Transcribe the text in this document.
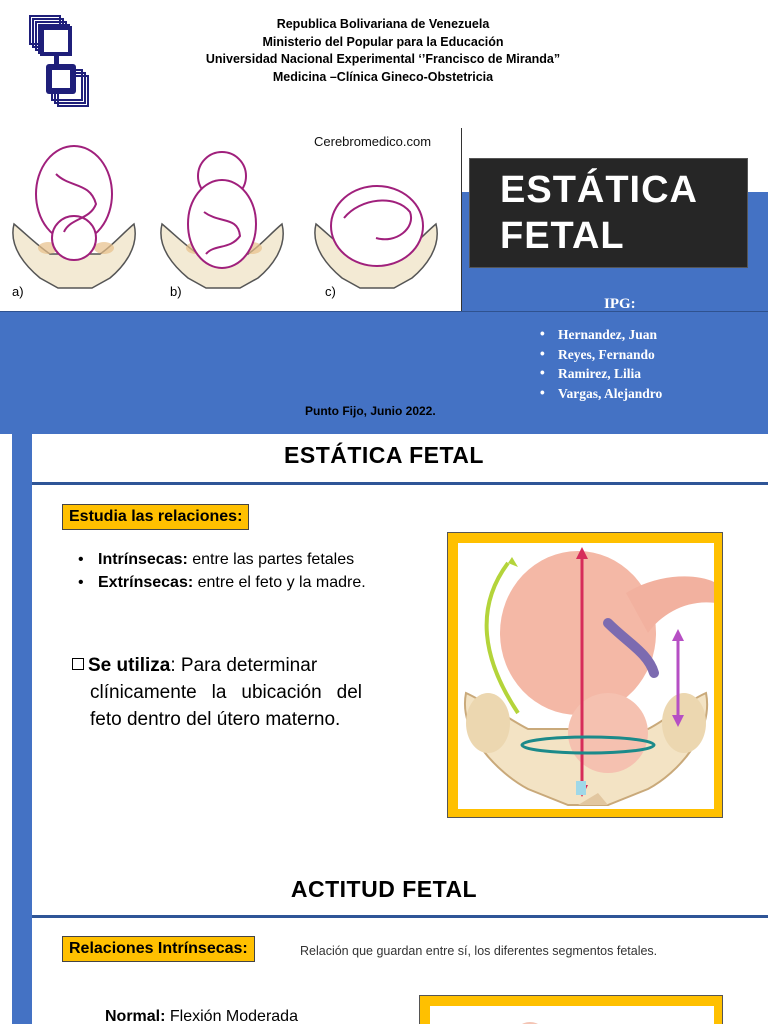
Republica Bolivariana de Venezuela
Ministerio del Popular para la Educación
Universidad Nacional Experimental ‘’Francisco de Miranda”
Medicina –Clínica Gineco-Obstetricia
Cerebromedico.com
a)	b)	c)
ESTÁTICA
FETAL
IPG:
• Hernandez, Juan
• Reyes, Fernando
• Ramirez, Lilia
• Vargas, Alejandro
Punto Fijo, Junio 2022.
ESTÁTICA FETAL
Estudia las relaciones:
• Intrínsecas: entre las partes fetales
• Extrínsecas: entre el feto y la madre.
Se utiliza: Para determinar
clínicamente la ubicación del feto dentro del útero materno.
ACTITUD FETAL
Relaciones Intrínsecas:	Relación que guardan entre sí, los diferentes segmentos fetales.
Normal: Flexión Moderada
